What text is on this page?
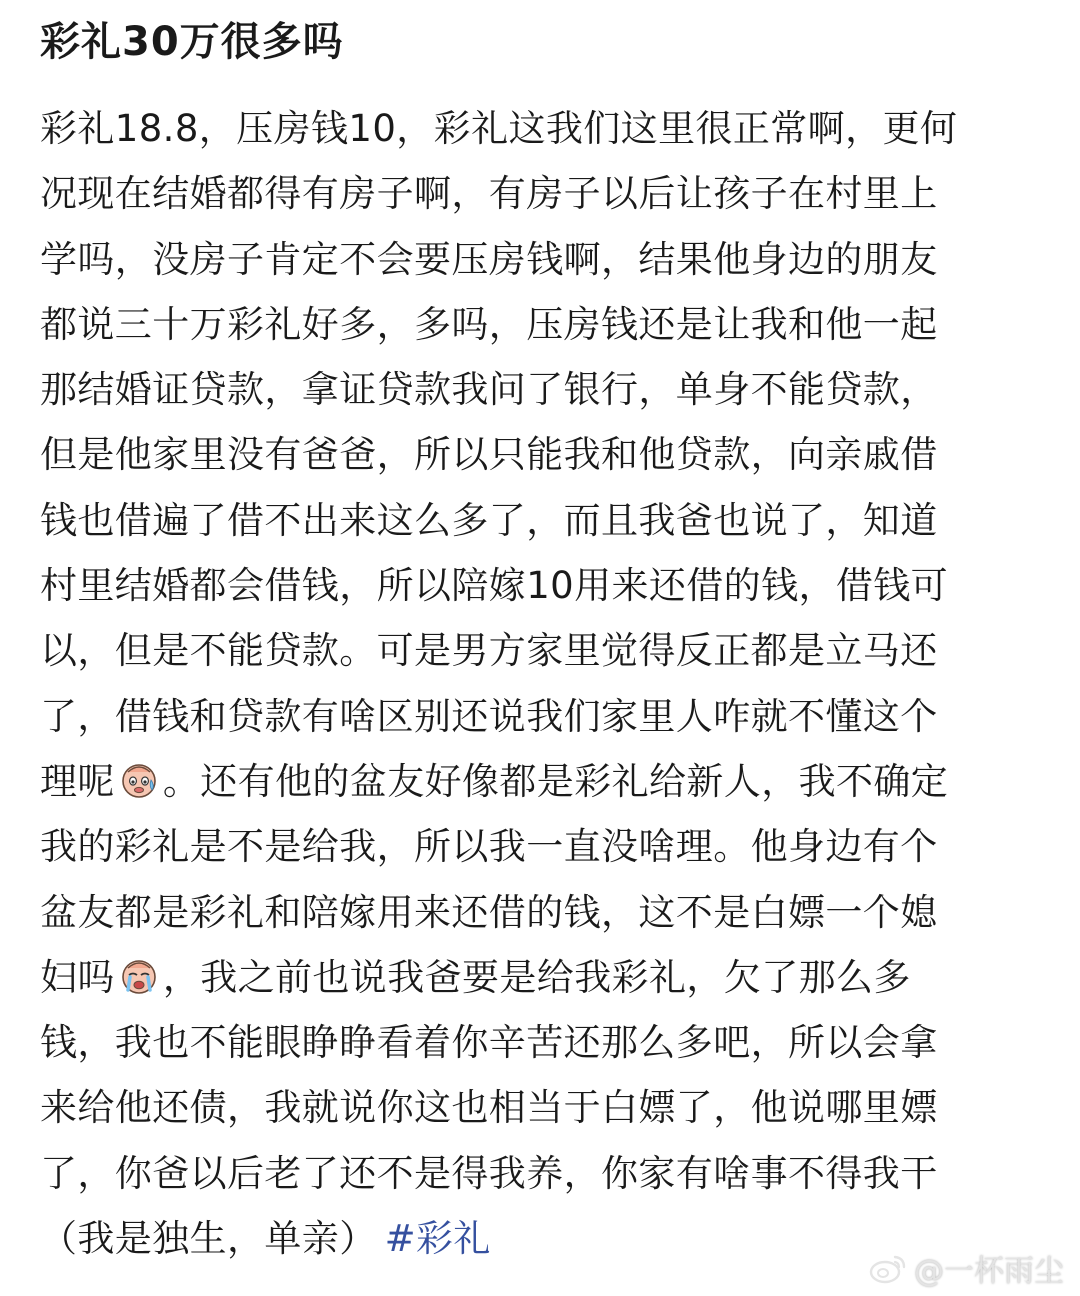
彩礼30万很多吗
彩礼18.8，压房钱10，彩礼这我们这里很正常啊，更何
况现在结婚都得有房子啊，有房子以后让孩子在村里上
学吗，没房子肯定不会要压房钱啊，结果他身边的朋友
都说三十万彩礼好多，多吗，压房钱还是让我和他一起
那结婚证贷款，拿证贷款我问了银行，单身不能贷款，
但是他家里没有爸爸，所以只能我和他贷款，向亲戚借
钱也借遍了借不出来这么多了，而且我爸也说了，知道
村里结婚都会借钱，所以陪嫁10用来还借的钱，借钱可
以，但是不能贷款。可是男方家里觉得反正都是立马还
了，借钱和贷款有啥区别还说我们家里人咋就不懂这个
理呢 。还有他的盆友好像都是彩礼给新人，我不确定
我的彩礼是不是给我，所以我一直没啥理。他身边有个
盆友都是彩礼和陪嫁用来还借的钱，这不是白嫖一个媳
妇吗 ，我之前也说我爸要是给我彩礼，欠了那么多
钱，我也不能眼睁睁看着你辛苦还那么多吧，所以会拿
来给他还债，我就说你这也相当于白嫖了，他说哪里嫖
了，你爸以后老了还不是得我养，你家有啥事不得我干
（我是独生，单亲） #彩礼
@一杯雨尘
